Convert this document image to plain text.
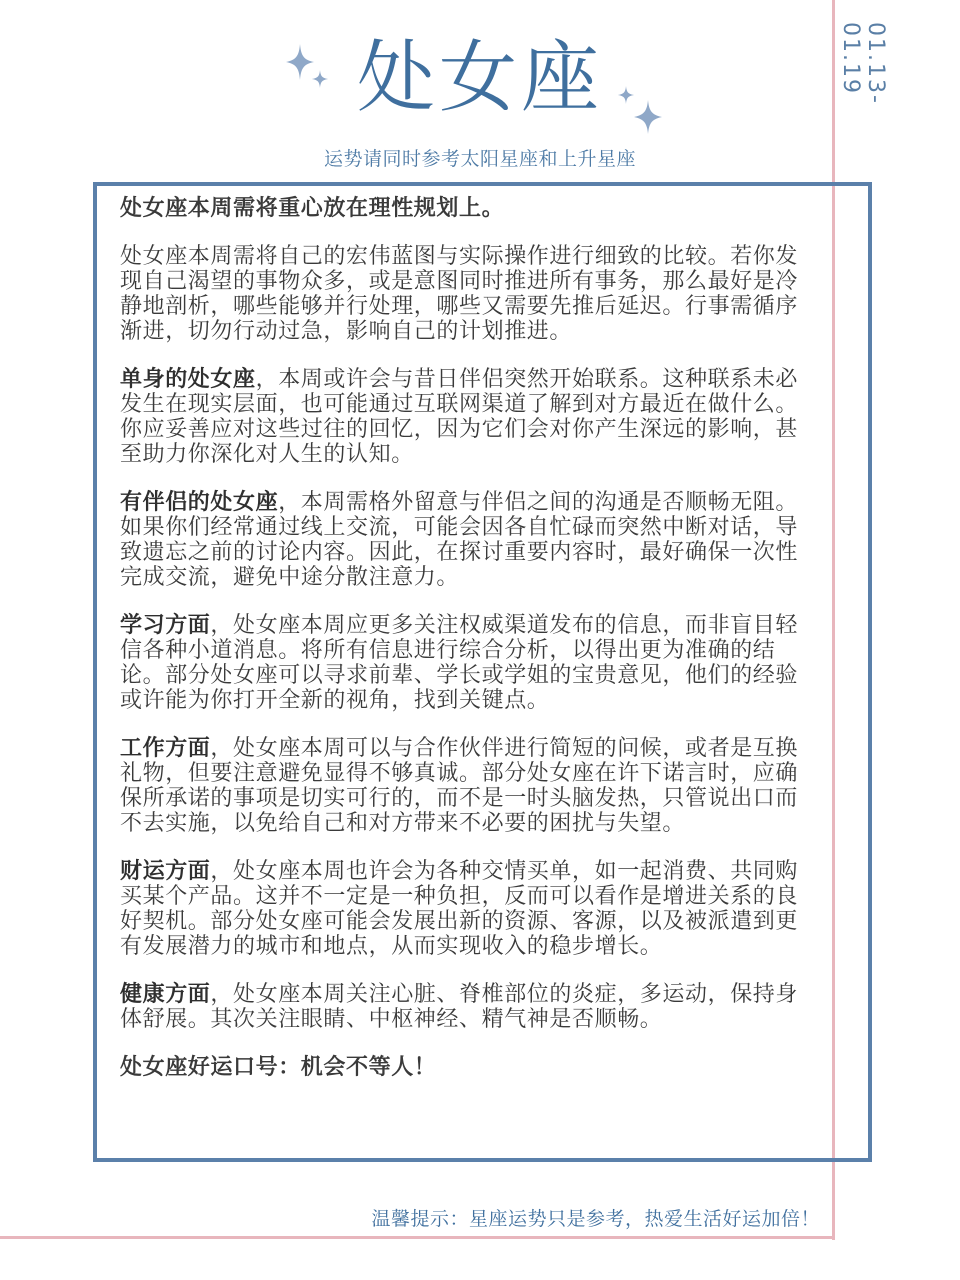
01.13-01.19
处女座
运势请同时参考太阳星座和上升星座

处女座本周需将重心放在理性规划上。

处女座本周需将自己的宏伟蓝图与实际操作进行细致的比较。若你发现自己渴望的事物众多，或是意图同时推进所有事务，那么最好是冷静地剖析，哪些能够并行处理，哪些又需要先推后延迟。行事需循序渐进，切勿行动过急，影响自己的计划推进。

单身的处女座，本周或许会与昔日伴侣突然开始联系。这种联系未必发生在现实层面，也可能通过互联网渠道了解到对方最近在做什么。你应妥善应对这些过往的回忆，因为它们会对你产生深远的影响，甚至助力你深化对人生的认知。

有伴侣的处女座，本周需格外留意与伴侣之间的沟通是否顺畅无阻。如果你们经常通过线上交流，可能会因各自忙碌而突然中断对话，导致遗忘之前的讨论内容。因此，在探讨重要内容时，最好确保一次性完成交流，避免中途分散注意力。

学习方面，处女座本周应更多关注权威渠道发布的信息，而非盲目轻信各种小道消息。将所有信息进行综合分析，以得出更为准确的结论。部分处女座可以寻求前辈、学长或学姐的宝贵意见，他们的经验或许能为你打开全新的视角，找到关键点。

工作方面，处女座本周可以与合作伙伴进行简短的问候，或者是互换礼物，但要注意避免显得不够真诚。部分处女座在许下诺言时，应确保所承诺的事项是切实可行的，而不是一时头脑发热，只管说出口而不去实施，以免给自己和对方带来不必要的困扰与失望。

财运方面，处女座本周也许会为各种交情买单，如一起消费、共同购买某个产品。这并不一定是一种负担，反而可以看作是增进关系的良好契机。部分处女座可能会发展出新的资源、客源，以及被派遣到更有发展潜力的城市和地点，从而实现收入的稳步增长。

健康方面，处女座本周关注心脏、脊椎部位的炎症，多运动，保持身体舒展。其次关注眼睛、中枢神经、精气神是否顺畅。

处女座好运口号：机会不等人！

温馨提示：星座运势只是参考，热爱生活好运加倍！
